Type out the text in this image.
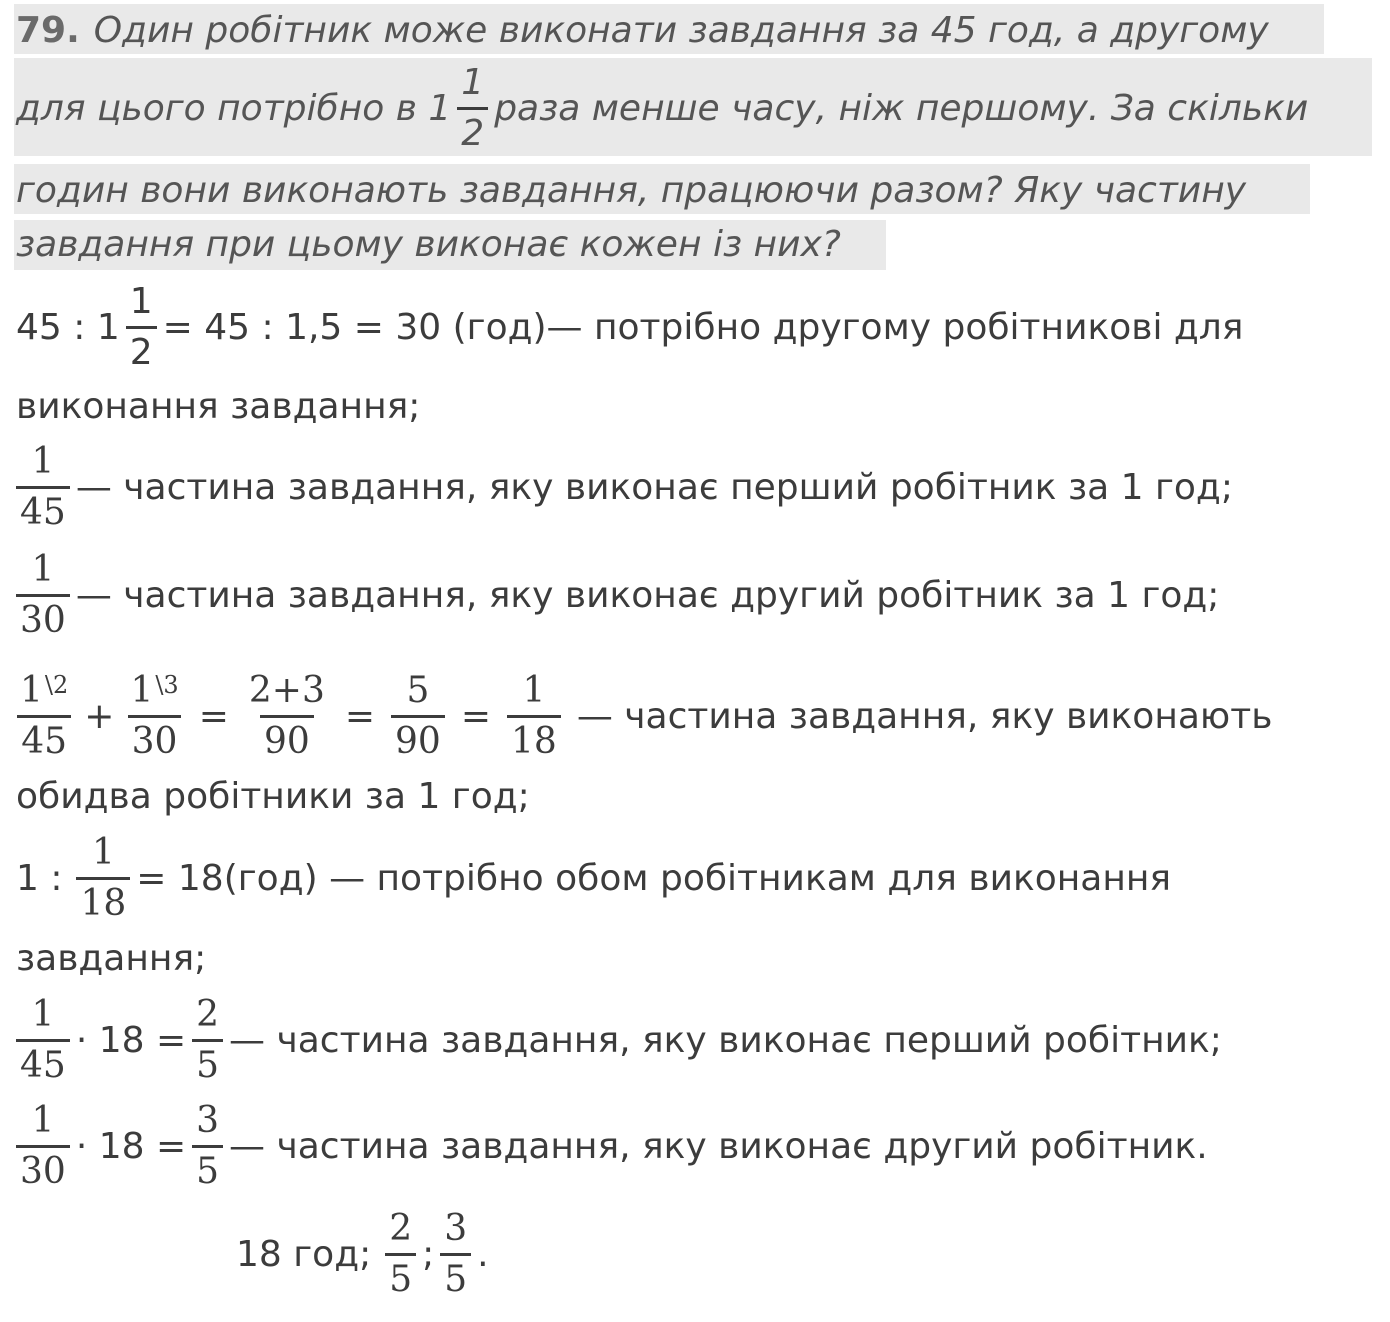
79. Один робітник може виконати завдання за 45 год, а другому
для цього потрібно в $1 \frac{1}{2}$ раза менше часу, ніж першому. За скільки
годин вони виконають завдання, працюючи разом? Яку частину
завдання при цьому виконає кожен із них?
45 : $1 \frac{1}{2} = 45$ : 1,5 = 30 (год)— потрібно другому робітникові для
виконання завдання;
$\frac{1}{45}$ — частина завдання, яку виконає перший робітник за 1 год;
$\frac{1}{30}$ — частина завдання, яку виконає другий робітник за 1 год;
$\frac{1^{\backslash 2}}{45} + \frac{1^{\backslash 3}}{30} = \frac{2+3}{90} = \frac{5}{90} = \frac{1}{18}$ — частина завдання, яку виконають
обидва робітники за 1 год;
1 : $\frac{1}{18} = 18(год)$ — потрібно обом робітникам для виконання
завдання;
$\frac{1}{45} \cdot 18 = \frac{2}{5}$ — частина завдання, яку виконає перший робітник;
$\frac{1}{30} \cdot 18 = \frac{3}{5}$ — частина завдання, яку виконає другий робітник.
18 год; $\frac{2}{5}$ ; $\frac{3}{5}$ .
